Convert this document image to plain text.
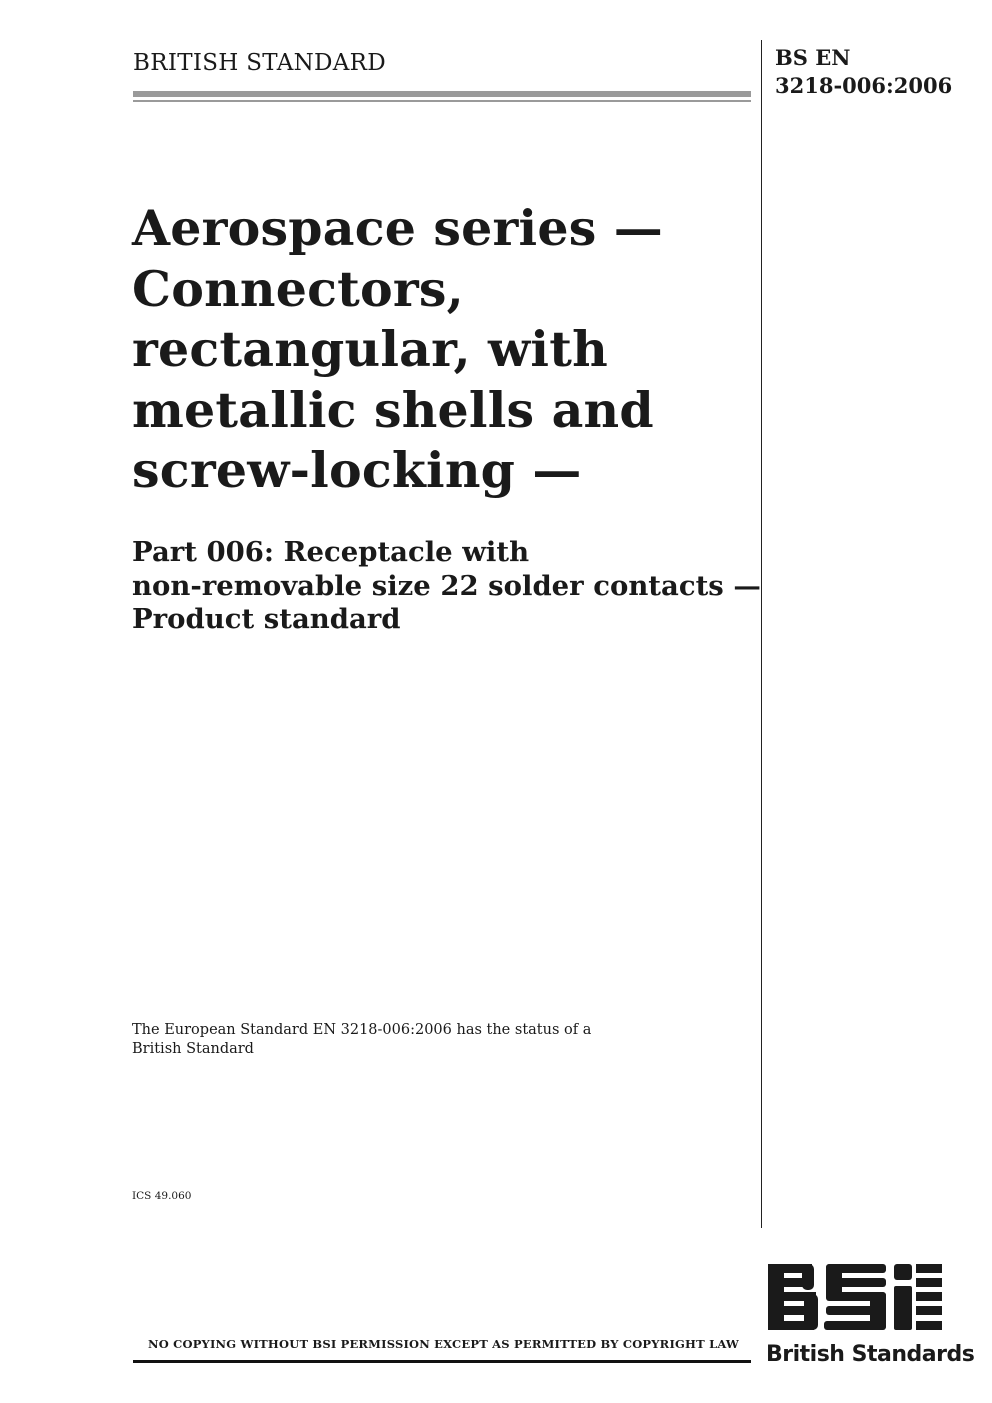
BRITISH STANDARD	BS EN
3218-006:2006
Aerospace series —
Connectors,
rectangular, with
metallic shells and
screw-locking —
Part 006: Receptacle with
non-removable size 22 solder contacts —
Product standard
The European Standard EN 3218-006:2006 has the status of a
British Standard
ICS 49.060
NO COPYING WITHOUT BSI PERMISSION EXCEPT AS PERMITTED BY COPYRIGHT LAW British Standards
